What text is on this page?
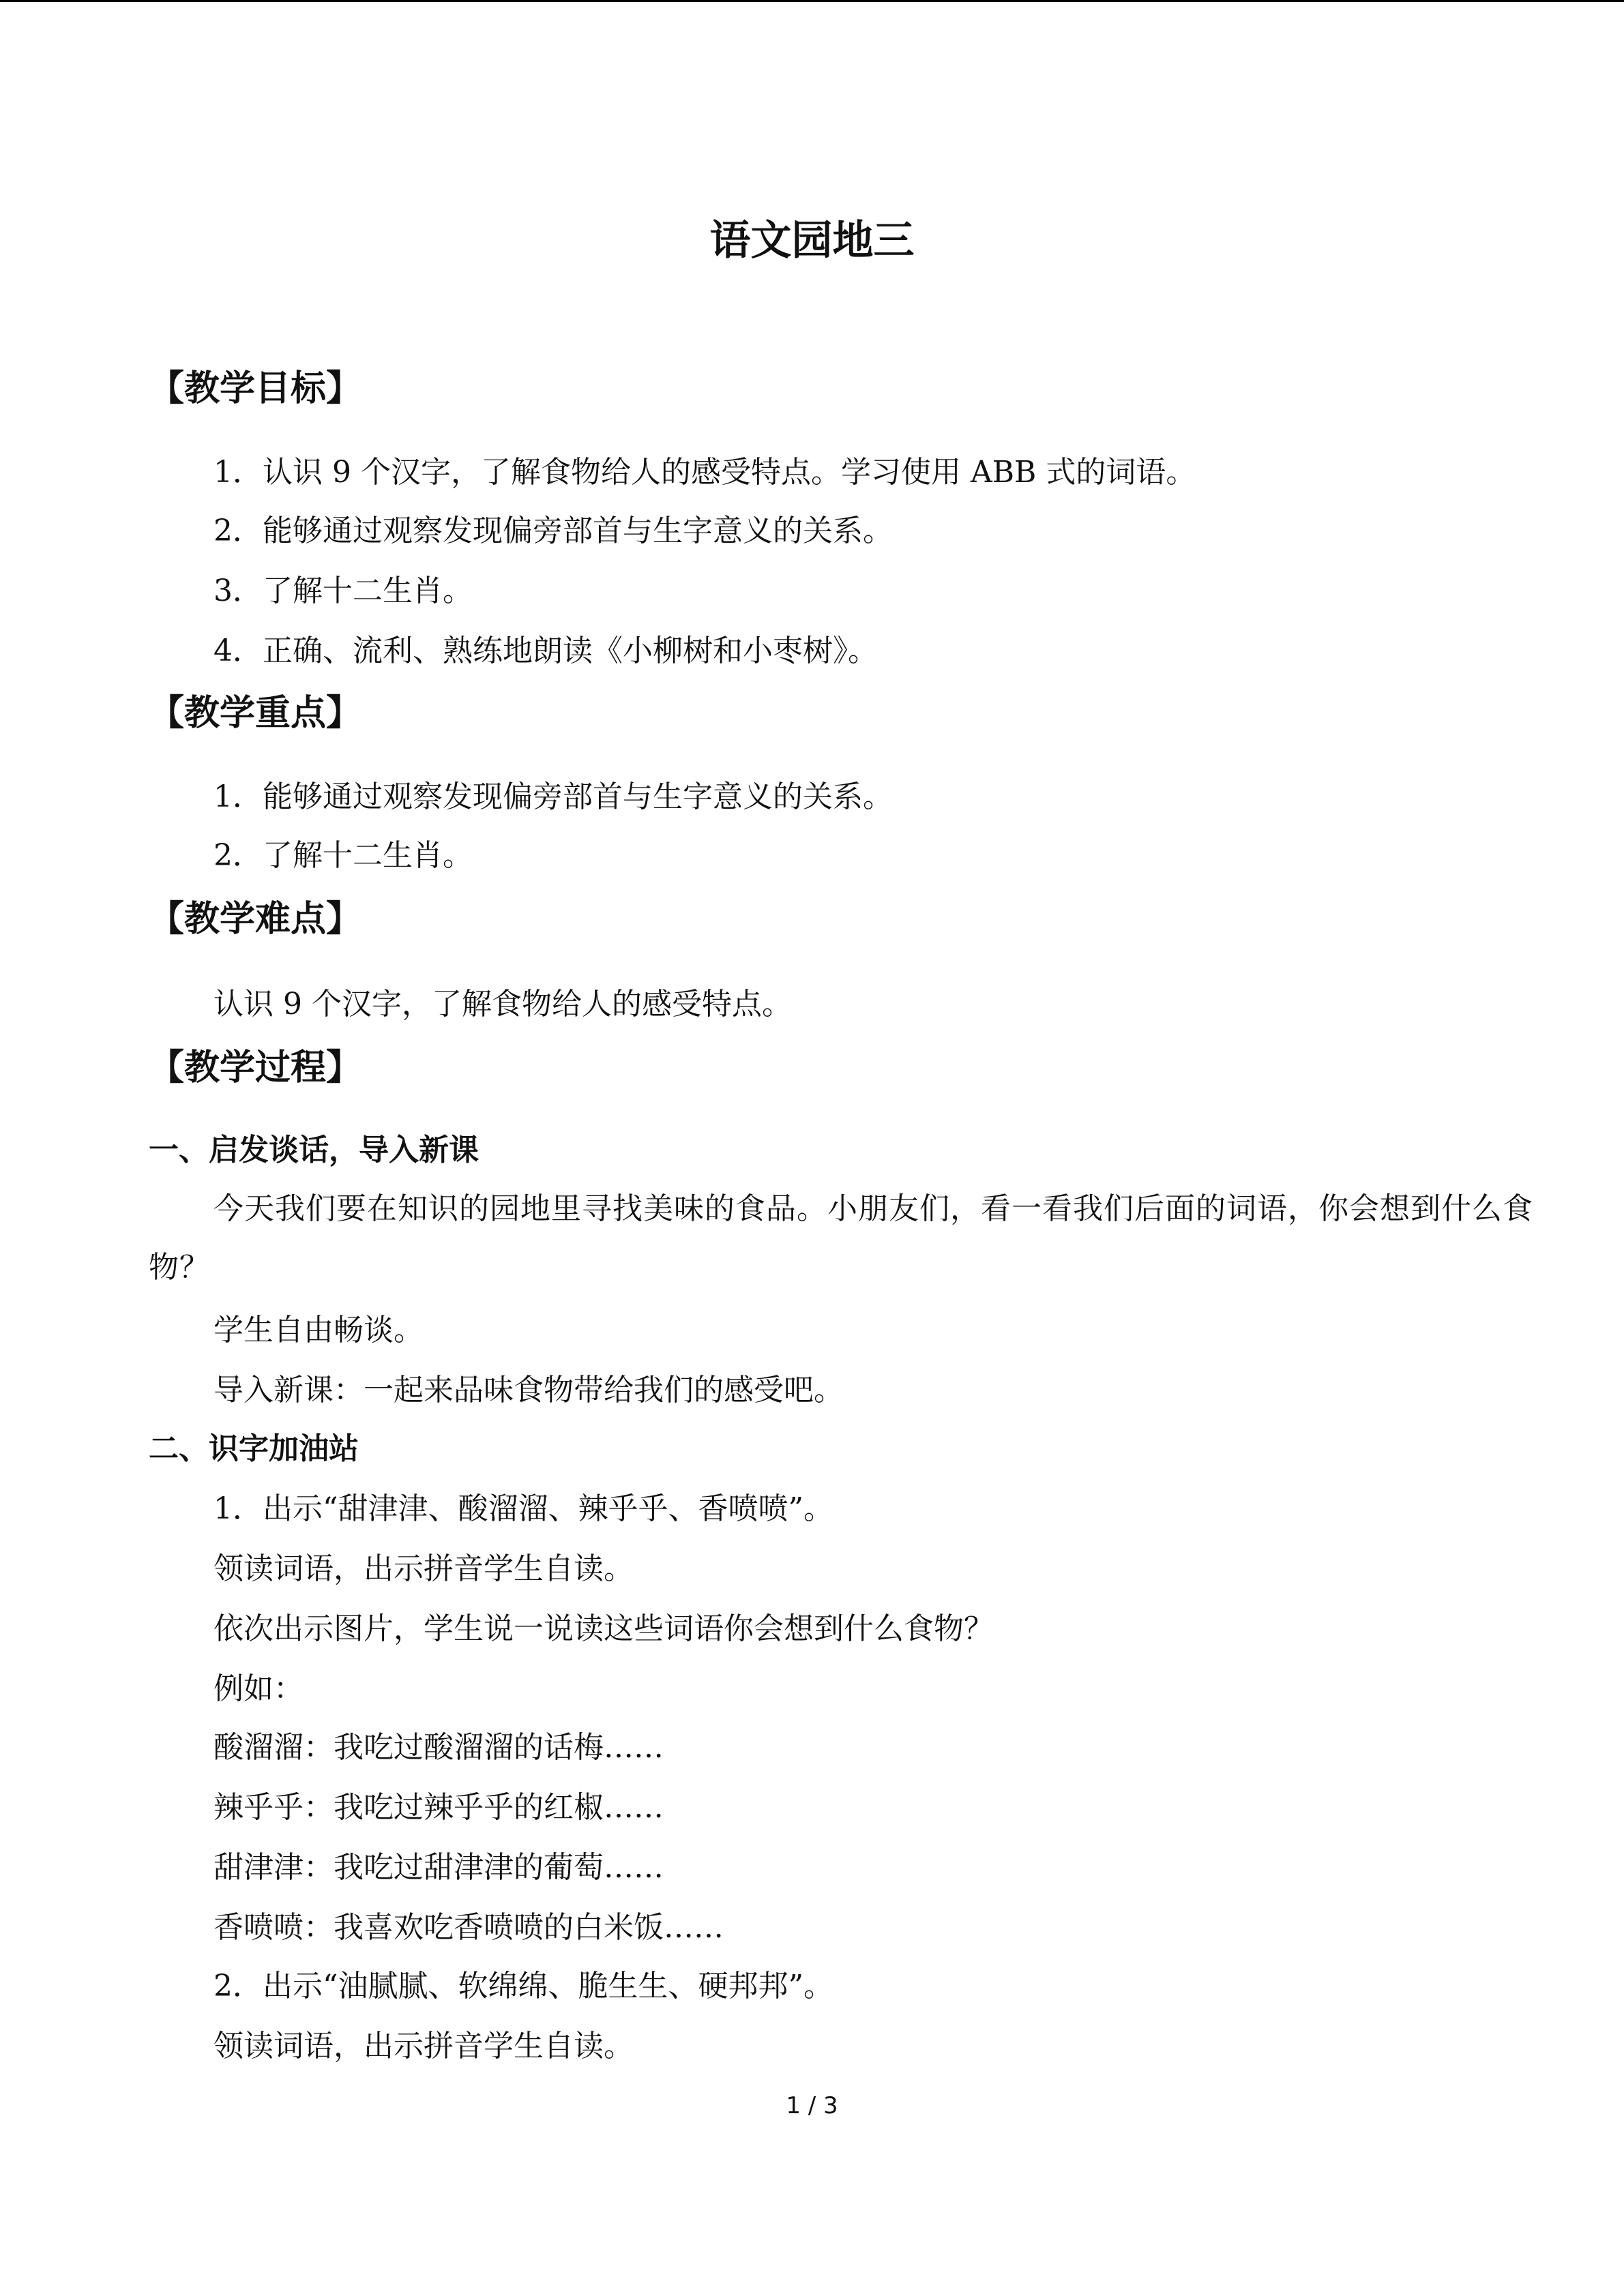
语文园地三
【教学目标】

1．认识 9 个汉字，了解食物给人的感受特点。学习使用 ABB 式的词语。

2．能够通过观察发现偏旁部首与生字意义的关系。

3．了解十二生肖。

4．正确、流利、熟练地朗读《小柳树和小枣树》。

【教学重点】

1．能够通过观察发现偏旁部首与生字意义的关系。

2．了解十二生肖。

【教学难点】

认识 9 个汉字，了解食物给人的感受特点。

【教学过程】
一、启发谈话，导入新课

今天我们要在知识的园地里寻找美味的食品。小朋友们，看一看我们后面的词语，你会想到什么食物？

学生自由畅谈。

导入新课：一起来品味食物带给我们的感受吧。

二、识字加油站

1．出示“甜津津、酸溜溜、辣乎乎、香喷喷”。

领读词语，出示拼音学生自读。

依次出示图片，学生说一说读这些词语你会想到什么食物？

例如：

酸溜溜：我吃过酸溜溜的话梅……

辣乎乎：我吃过辣乎乎的红椒……

甜津津：我吃过甜津津的葡萄……

香喷喷：我喜欢吃香喷喷的白米饭……

2．出示“油腻腻、软绵绵、脆生生、硬邦邦”。

领读词语，出示拼音学生自读。

1 / 3
